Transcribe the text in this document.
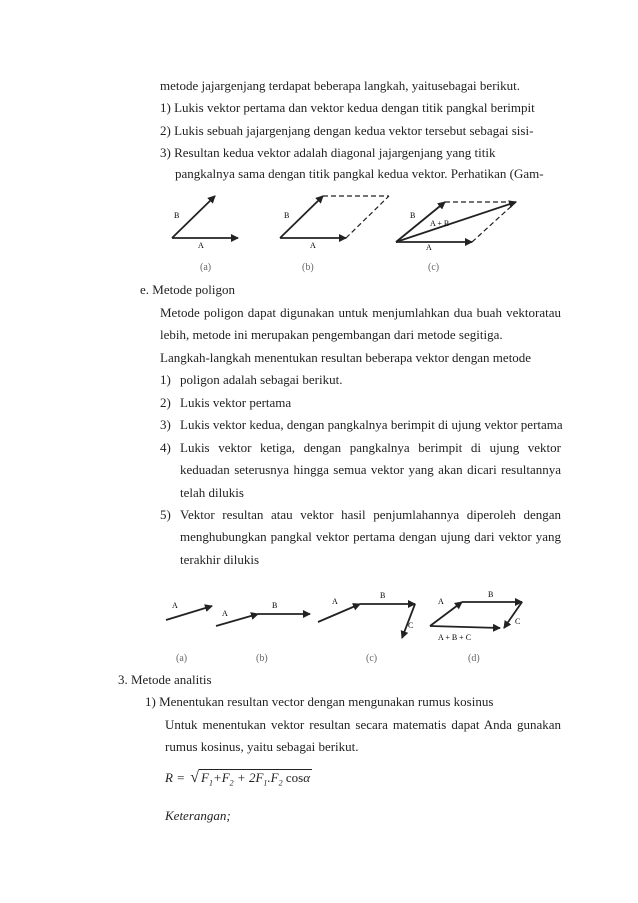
metode jajargenjang terdapat beberapa langkah, yaitusebagai berikut.
1) Lukis vektor pertama dan vektor kedua dengan titik pangkal berimpit
2) Lukis sebuah jajargenjang dengan kedua vektor tersebut sebagai sisi-
3) Resultan kedua vektor adalah diagonal jajargenjang yang titik
pangkalnya sama dengan titik pangkal kedua vektor. Perhatikan (Gam-
B
A
(a)
B
A
(b)
B
A + B
A
(c)
e. Metode poligon
Metode poligon dapat digunakan untuk menjumlahkan dua buah vektoratau
lebih, metode ini merupakan pengembangan dari metode segitiga.
Langkah-langkah menentukan resultan beberapa vektor dengan metode
1) poligon adalah sebagai berikut.
2) Lukis vektor pertama
3) Lukis vektor kedua, dengan pangkalnya berimpit di ujung vektor pertama
4) Lukis vektor ketiga, dengan pangkalnya berimpit di ujung vektor
keduadan seterusnya hingga semua vektor yang akan dicari resultannya
telah dilukis
5) Vektor resultan atau vektor hasil penjumlahannya diperoleh dengan
menghubungkan pangkal vektor pertama dengan ujung dari vektor yang
terakhir dilukis
A
(a)
A
B
(b)
A
B
C
(c)
A
B
C
A + B + C
(d)
3. Metode analitis
1) Menentukan resultan vector dengan mengunakan rumus kosinus
Untuk menentukan vektor resultan secara matematis dapat Anda gunakan
rumus kosinus, yaitu sebagai berikut.
R = √ $F_1+F_2 + 2F_1.F_2$ cosα
Keterangan;
